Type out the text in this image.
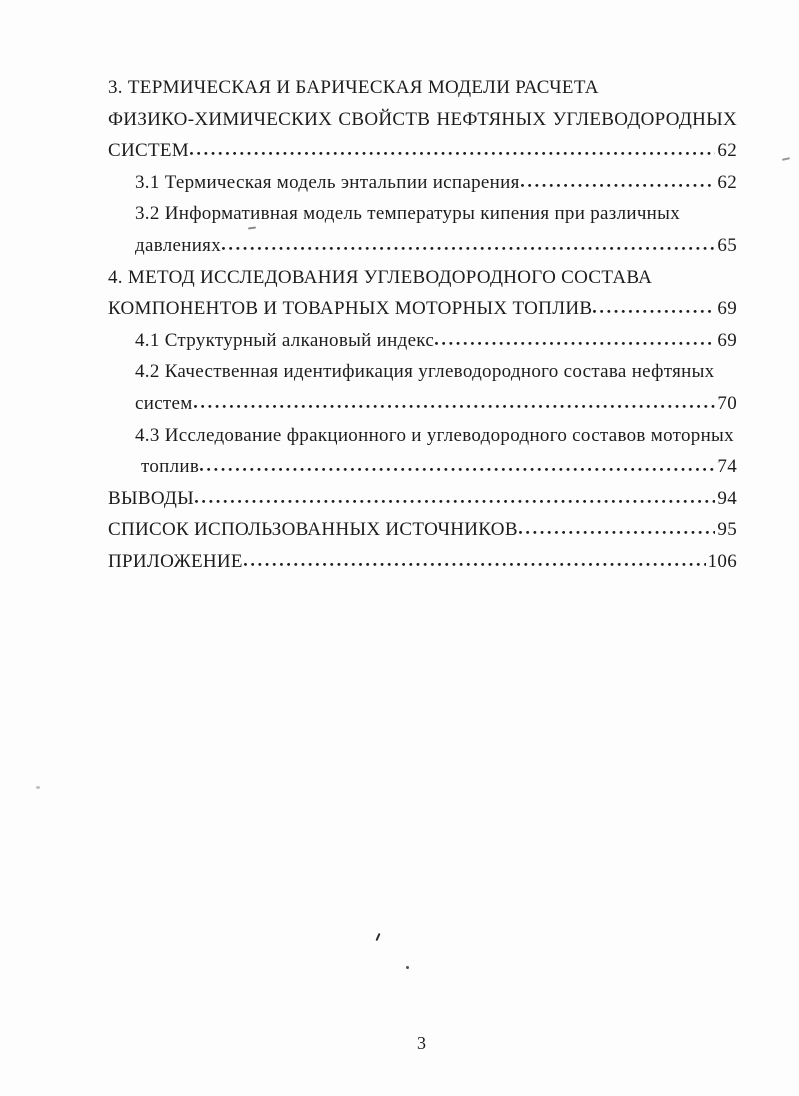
3. ТЕРМИЧЕСКАЯ И БАРИЧЕСКАЯ МОДЕЛИ РАСЧЕТА
ФИЗИКО-ХИМИЧЕСКИХ СВОЙСТВ НЕФТЯНЫХ УГЛЕВОДОРОДНЫХ
СИСТЕМ	62
3.1 Термическая модель энтальпии испарения	62
3.2 Информативная модель температуры кипения при различных
давлениях	65
4. МЕТОД ИССЛЕДОВАНИЯ УГЛЕВОДОРОДНОГО СОСТАВА
КОМПОНЕНТОВ И ТОВАРНЫХ МОТОРНЫХ ТОПЛИВ	69
4.1 Структурный алкановый индекс	69
4.2 Качественная идентификация углеводородного состава нефтяных
систем	70
4.3 Исследование фракционного и углеводородного составов моторных
топлив	74
ВЫВОДЫ	94
СПИСОК ИСПОЛЬЗОВАННЫХ ИСТОЧНИКОВ	95
ПРИЛОЖЕНИЕ	106
3
